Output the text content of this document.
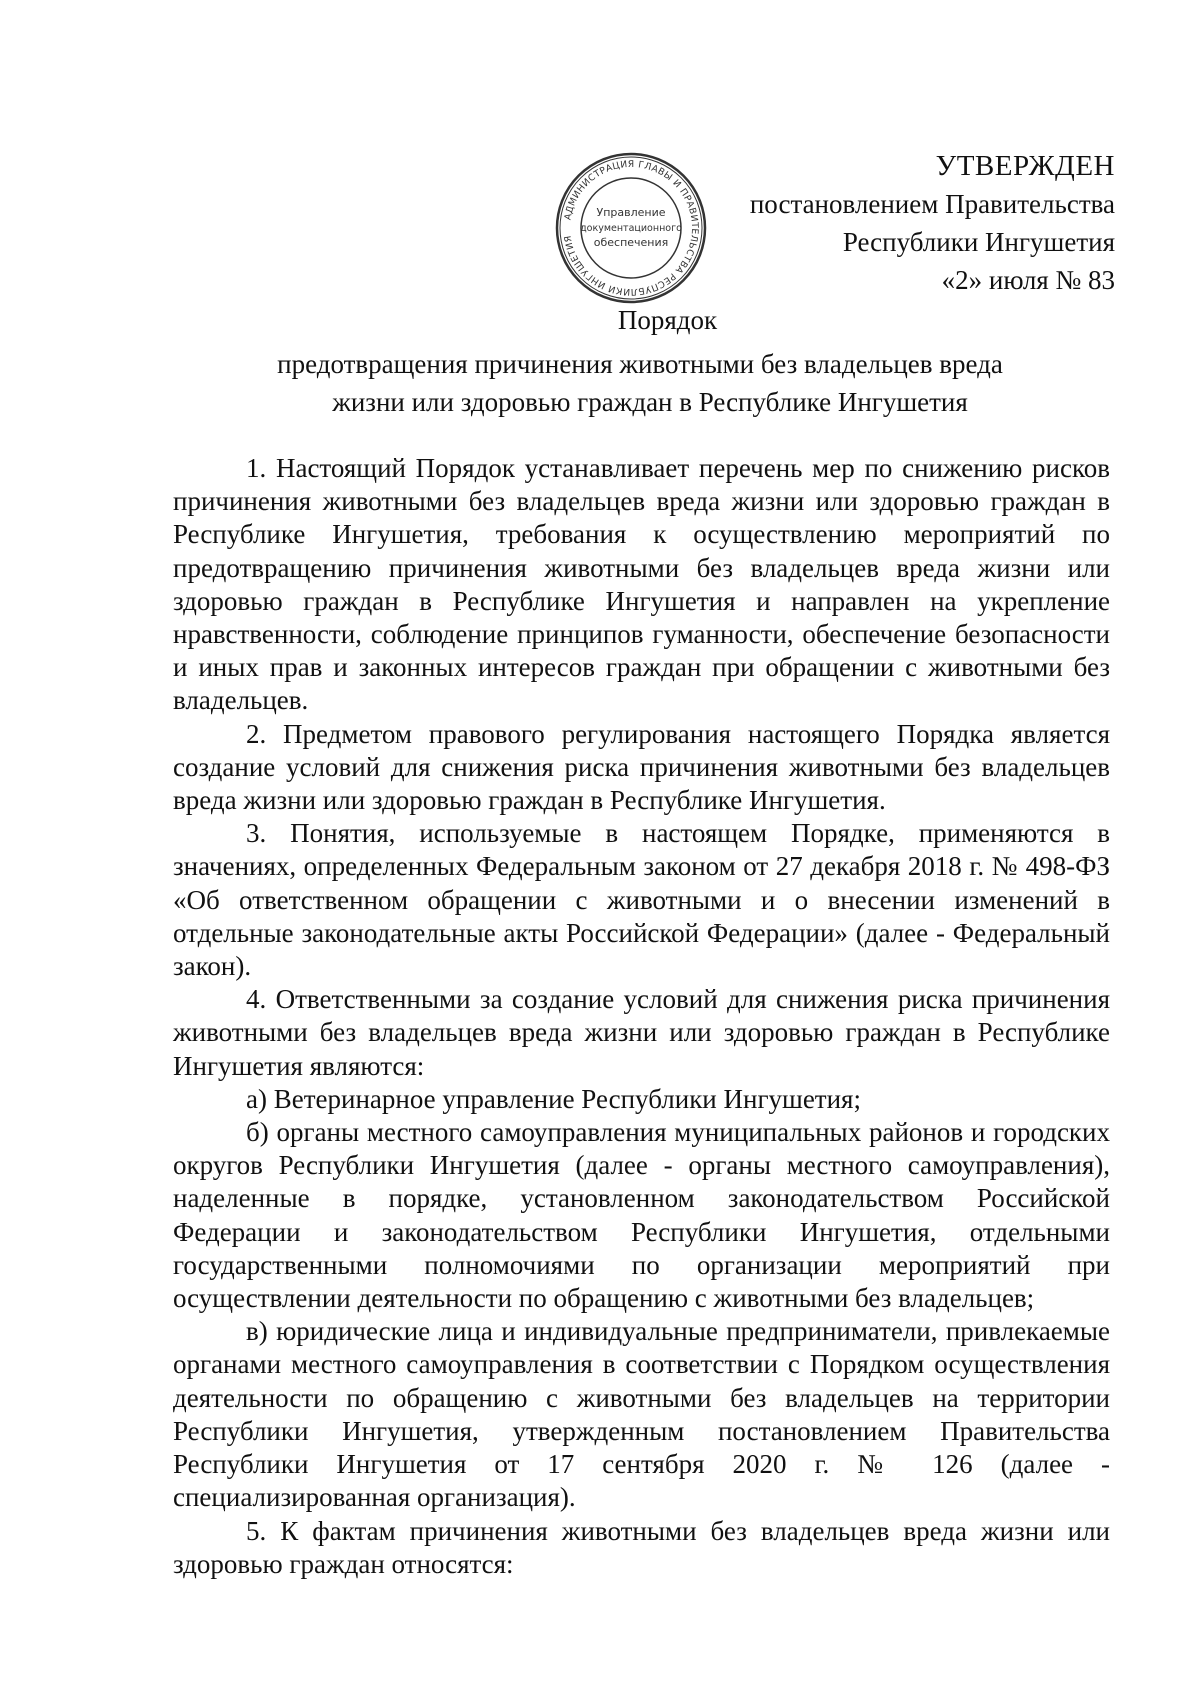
АДМИНИСТРАЦИЯ ГЛАВЫ И ПРАВИТЕЛЬСТВА РЕСПУБЛИКИ ИНГУШЕТИЯ
Управление
документационного
обеспечения
УТВЕРЖДЕН
постановлением Правительства
Республики Ингушетия
«2» июля № 83
Порядок
предотвращения причинения животными без владельцев вреда
жизни или здоровью граждан в Республике Ингушетия

1. Настоящий Порядок устанавливает перечень мер по снижению рисков причинения животными без владельцев вреда жизни или здоровью граждан в Республике Ингушетия, требования к осуществлению мероприятий по предотвращению причинения животными без владельцев вреда жизни или здоровью граждан в Республике Ингушетия и направлен на укрепление нравственности, соблюдение принципов гуманности, обеспечение безопасности и иных прав и законных интересов граждан при обращении с животными без владельцев.

2. Предметом правового регулирования настоящего Порядка является создание условий для снижения риска причинения животными без владельцев вреда жизни или здоровью граждан в Республике Ингушетия.

3. Понятия, используемые в настоящем Порядке, применяются в значениях, определенных Федеральным законом от 27 декабря 2018 г. № 498-ФЗ «Об ответственном обращении с животными и о внесении изменений в отдельные законодательные акты Российской Федерации» (далее - Федеральный закон).

4. Ответственными за создание условий для снижения риска причинения животными без владельцев вреда жизни или здоровью граждан в Республике Ингушетия являются:

а) Ветеринарное управление Республики Ингушетия;

б) органы местного самоуправления муниципальных районов и городских округов Республики Ингушетия (далее - органы местного самоуправления), наделенные в порядке, установленном законодательством Российской Федерации и законодательством Республики Ингушетия, отдельными государственными полномочиями по организации мероприятий при осуществлении деятельности по обращению с животными без владельцев;

в) юридические лица и индивидуальные предприниматели, привлекаемые органами местного самоуправления в соответствии с Порядком осуществления деятельности по обращению с животными без владельцев на территории Республики Ингушетия, утвержденным постановлением Правительства Республики Ингушетия от 17 сентября 2020 г. № 126 (далее - специализированная организация).

5. К фактам причинения животными без владельцев вреда жизни или здоровью граждан относятся:
